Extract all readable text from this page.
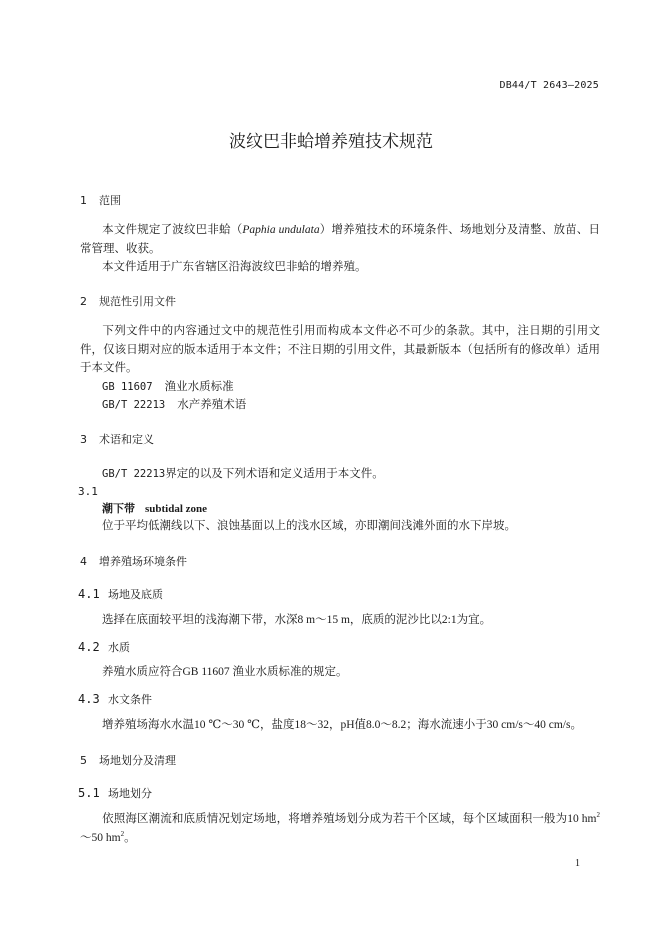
DB44/T 2643—2025
波纹巴非蛤增养殖技术规范
1 范围
本文件规定了波纹巴非蛤（Paphia undulata）增养殖技术的环境条件、场地划分及清整、放苗、日常管理、收获。
本文件适用于广东省辖区沿海波纹巴非蛤的增养殖。
2 规范性引用文件
下列文件中的内容通过文中的规范性引用而构成本文件必不可少的条款。其中，注日期的引用文件，仅该日期对应的版本适用于本文件；不注日期的引用文件，其最新版本（包括所有的修改单）适用于本文件。
GB 11607 渔业水质标准
GB/T 22213 水产养殖术语
3 术语和定义
GB/T 22213界定的以及下列术语和定义适用于本文件。
3.1
潮下带 subtidal zone
位于平均低潮线以下、浪蚀基面以上的浅水区域，亦即潮间浅滩外面的水下岸坡。
4 增养殖场环境条件
4.1 场地及底质
选择在底面较平坦的浅海潮下带，水深8 m～15 m，底质的泥沙比以2:1为宜。
4.2 水质
养殖水质应符合GB 11607 渔业水质标准的规定。
4.3 水文条件
增养殖场海水水温10 ℃～30 ℃，盐度18～32，pH值8.0～8.2；海水流速小于30 cm/s～40 cm/s。
5 场地划分及清理
5.1 场地划分
依照海区潮流和底质情况划定场地，将增养殖场划分成为若干个区域，每个区域面积一般为10 $hm^2\sim 50$ $hm^2$。
1
